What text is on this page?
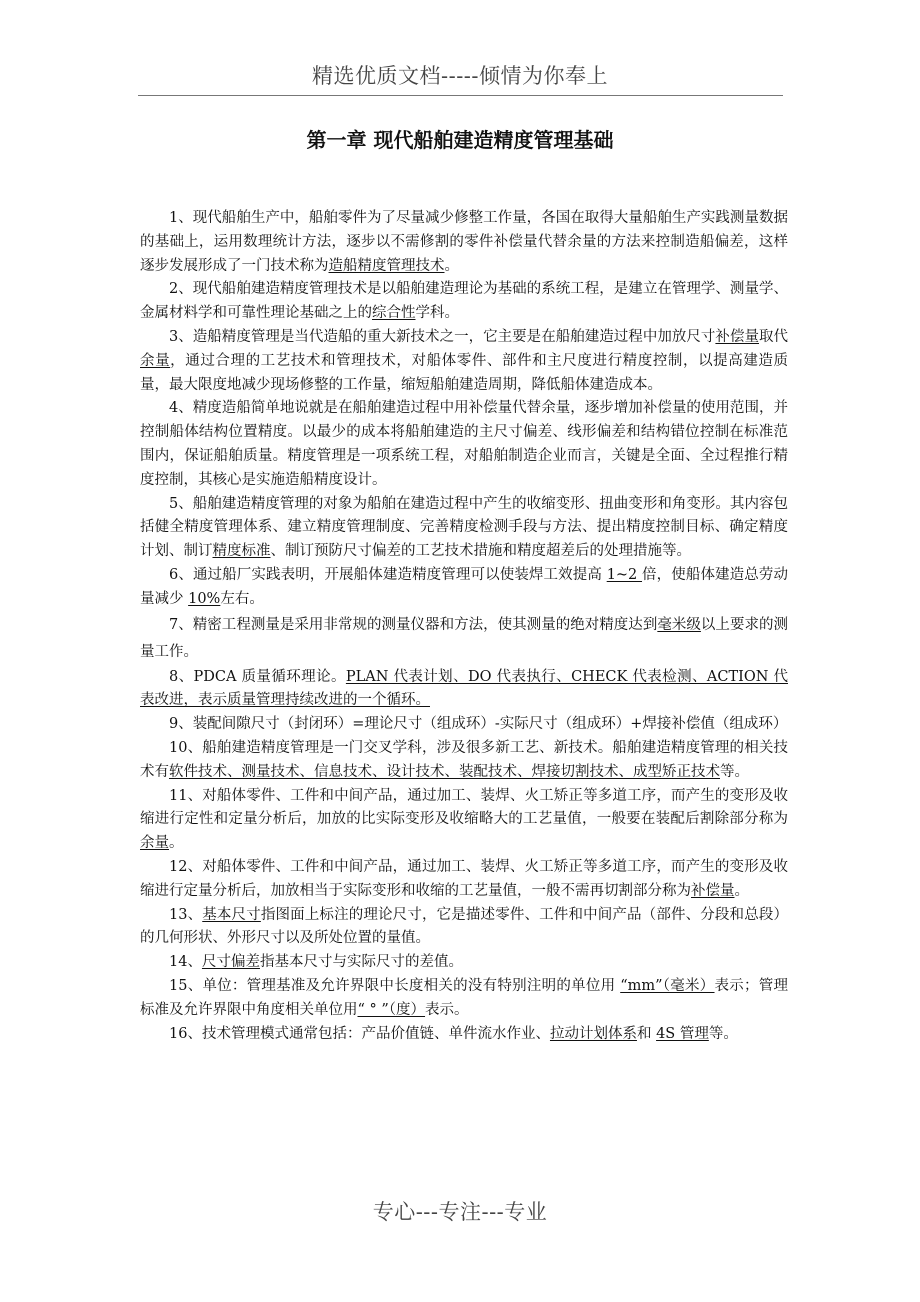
精选优质文档-----倾情为你奉上
第一章 现代船舶建造精度管理基础

1、现代船舶生产中，船舶零件为了尽量减少修整工作量，各国在取得大量船舶生产实践测量数据的基础上，运用数理统计方法，逐步以不需修割的零件补偿量代替余量的方法来控制造船偏差，这样逐步发展形成了一门技术称为造船精度管理技术。

2、现代船舶建造精度管理技术是以船舶建造理论为基础的系统工程，是建立在管理学、测量学、金属材料学和可靠性理论基础之上的综合性学科。

3、造船精度管理是当代造船的重大新技术之一，它主要是在船舶建造过程中加放尺寸补偿量取代余量，通过合理的工艺技术和管理技术，对船体零件、部件和主尺度进行精度控制，以提高建造质量，最大限度地减少现场修整的工作量，缩短船舶建造周期，降低船体建造成本。

4、精度造船简单地说就是在船舶建造过程中用补偿量代替余量，逐步增加补偿量的使用范围，并控制船体结构位置精度。以最少的成本将船舶建造的主尺寸偏差、线形偏差和结构错位控制在标准范围内，保证船舶质量。精度管理是一项系统工程，对船舶制造企业而言，关键是全面、全过程推行精度控制，其核心是实施造船精度设计。

5、船舶建造精度管理的对象为船舶在建造过程中产生的收缩变形、扭曲变形和角变形。其内容包括健全精度管理体系、建立精度管理制度、完善精度检测手段与方法、提出精度控制目标、确定精度计划、制订精度标准、制订预防尺寸偏差的工艺技术措施和精度超差后的处理措施等。

6、通过船厂实践表明，开展船体建造精度管理可以使装焊工效提高 1~2 倍，使船体建造总劳动量减少 10%左右。

7、精密工程测量是采用非常规的测量仪器和方法，使其测量的绝对精度达到毫米级以上要求的测量工作。

8、PDCA 质量循环理论。PLAN 代表计划、DO 代表执行、CHECK 代表检测、ACTION 代表改进，表示质量管理持续改进的一个循环。

9、装配间隙尺寸（封闭环）=理论尺寸（组成环）-实际尺寸（组成环）+焊接补偿值（组成环）

10、船舶建造精度管理是一门交叉学科，涉及很多新工艺、新技术。船舶建造精度管理的相关技术有软件技术、测量技术、信息技术、设计技术、装配技术、焊接切割技术、成型矫正技术等。

11、对船体零件、工件和中间产品，通过加工、装焊、火工矫正等多道工序，而产生的变形及收缩进行定性和定量分析后，加放的比实际变形及收缩略大的工艺量值，一般要在装配后割除部分称为余量。

12、对船体零件、工件和中间产品，通过加工、装焊、火工矫正等多道工序，而产生的变形及收缩进行定量分析后，加放相当于实际变形和收缩的工艺量值，一般不需再切割部分称为补偿量。

13、基本尺寸指图面上标注的理论尺寸，它是描述零件、工件和中间产品（部件、分段和总段）的几何形状、外形尺寸以及所处位置的量值。

14、尺寸偏差指基本尺寸与实际尺寸的差值。

15、单位：管理基准及允许界限中长度相关的没有特别注明的单位用 “mm”（毫米）表示；管理标准及允许界限中角度相关单位用“ ° ”（度）表示。

16、技术管理模式通常包括：产品价值链、单件流水作业、拉动计划体系和 4S 管理等。

专心---专注---专业
